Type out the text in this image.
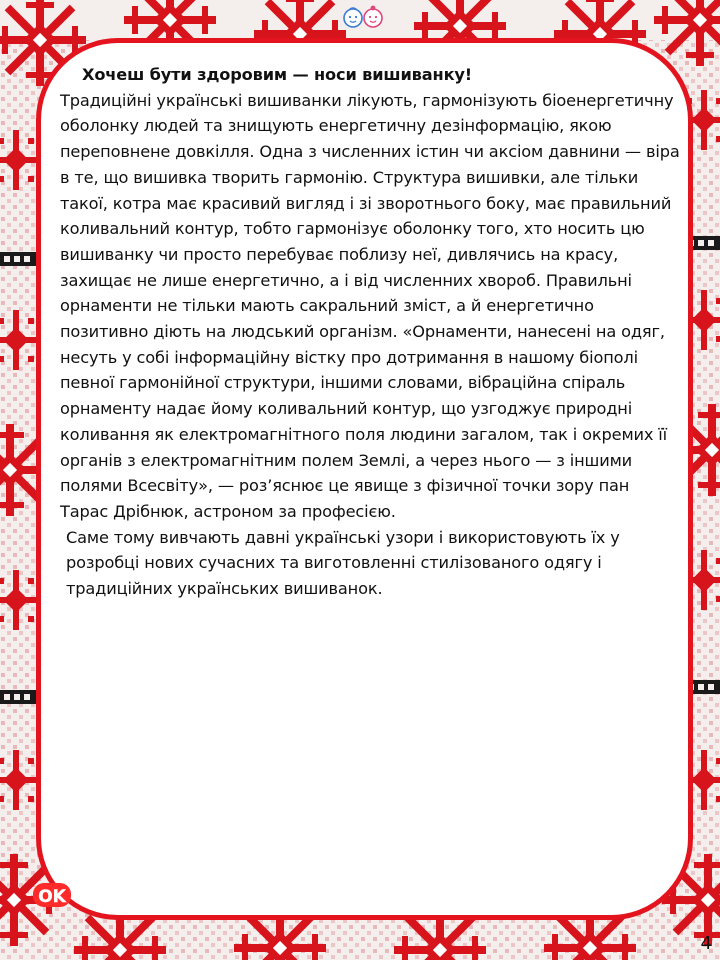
Хочеш бути здоровим — носи вишиванку!

Традиційні українські вишиванки лікують, гармонізують біоенергетичну оболонку людей та знищують енергетичну дезінформацію, якою переповнене довкілля. Одна з численних істин чи аксіом давнини — віра в те, що вишивка творить гармонію. Структура вишивки, але тільки такої, котра має красивий вигляд і зі зворотнього боку, має правильний коливальний контур, тобто гармонізує оболонку того, хто носить цю вишиванку чи просто перебуває поблизу неї, дивлячись на красу, захищає не лише енергетично, а і від численних хвороб. Правильні орнаменти не тільки мають сакральний зміст, а й енергетично позитивно діють на людський організм. «Орнаменти, нанесені на одяг, несуть у собі інформаційну вістку про дотримання в нашому біополі певної гармонійної структури, іншими словами, вібраційна спіраль орнаменту надає йому коливальний контур, що узгоджує природні коливання як електромагнітного поля людини загалом, так і окремих її органів з електромагнітним полем Землі, а через нього — з іншими полями Всесвіту», — роз’яснює це явище з фізичної точки зору пан Тарас Дрібнюк, астроном за професією.

Саме тому вивчають давні українські узори і використовують їх у розробці нових сучасних та виготовленні стилізованого одягу і традиційних українських вишиванок.

OK
4
